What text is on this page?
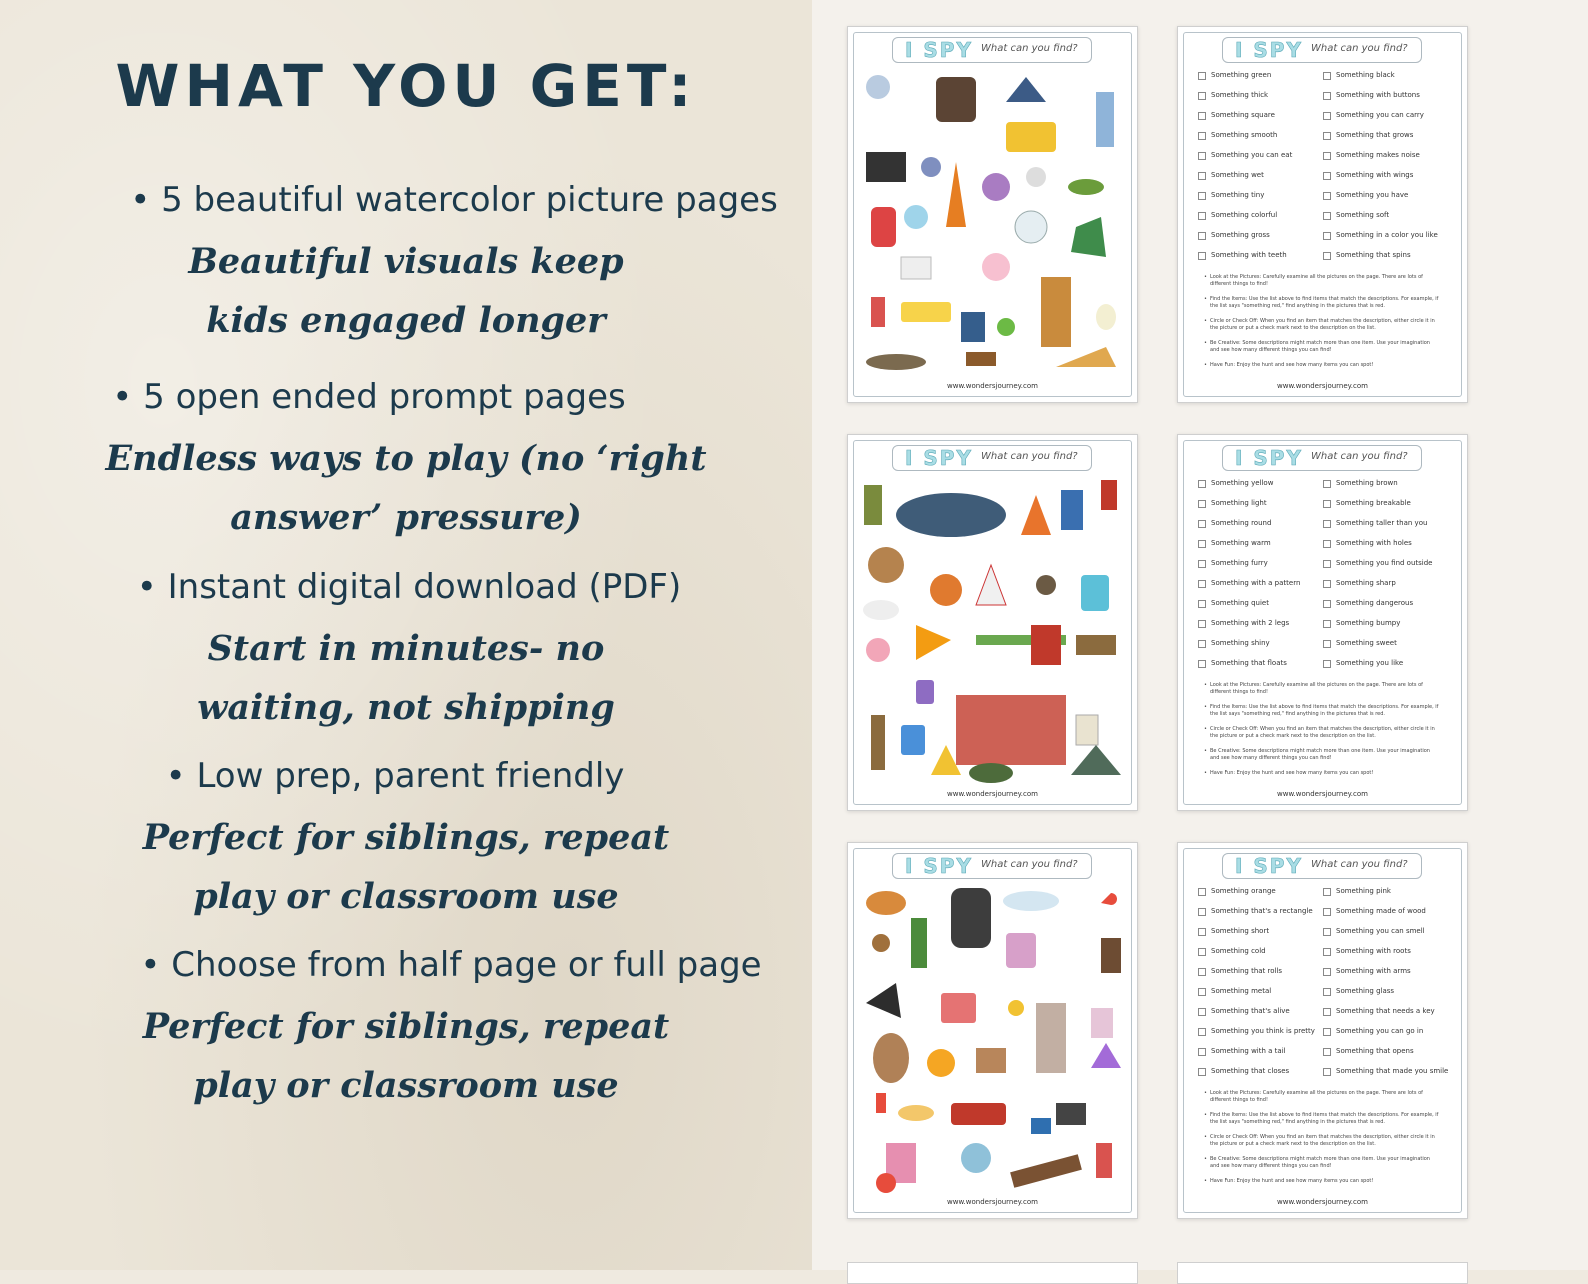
WHAT YOU GET:
• 5 beautiful watercolor picture pages
Beautiful visuals keep kids engaged longer
• 5 open ended prompt pages
Endless ways to play (no ‘right answer’ pressure)
• Instant digital download (PDF)
Start in minutes- no waiting, not shipping
• Low prep, parent friendly
Perfect for siblings, repeat play or classroom use
• Choose from half page or full page
Perfect for siblings, repeat play or classroom use
I SPY What can you find?
www.wondersjourney.com
I SPY What can you find?
Something green	Something black
Something thick	Something with buttons
Something square	Something you can carry
Something smooth	Something that grows
Something you can eat	Something makes noise
Something wet	Something with wings
Something tiny	Something you have
Something colorful	Something soft
Something gross	Something in a color you like
Something with teeth	Something that spins

• Look at the Pictures: Carefully examine all the pictures on the page. There are lots of different things to find!

• Find the Items: Use the list above to find items that match the descriptions. For example, if the list says "something red," find anything in the pictures that is red.

• Circle or Check Off: When you find an item that matches the description, either circle it in the picture or put a check mark next to the description on the list.

• Be Creative: Some descriptions might match more than one item. Use your imagination and see how many different things you can find!

• Have Fun: Enjoy the hunt and see how many items you can spot!

www.wondersjourney.com
I SPY What can you find?
www.wondersjourney.com
I SPY What can you find?
Something yellow	Something brown
Something light	Something breakable
Something round	Something taller than you
Something warm	Something with holes
Something furry	Something you find outside
Something with a pattern	Something sharp
Something quiet	Something dangerous
Something with 2 legs	Something bumpy
Something shiny	Something sweet
Something that floats	Something you like

• Look at the Pictures: Carefully examine all the pictures on the page. There are lots of different things to find!

• Find the Items: Use the list above to find items that match the descriptions. For example, if the list says "something red," find anything in the pictures that is red.

• Circle or Check Off: When you find an item that matches the description, either circle it in the picture or put a check mark next to the description on the list.

• Be Creative: Some descriptions might match more than one item. Use your imagination and see how many different things you can find!

• Have Fun: Enjoy the hunt and see how many items you can spot!

www.wondersjourney.com
I SPY What can you find?
www.wondersjourney.com
I SPY What can you find?
Something orange	Something pink
Something that's a rectangle	Something made of wood
Something short	Something you can smell
Something cold	Something with roots
Something that rolls	Something with arms
Something metal	Something glass
Something that's alive	Something that needs a key
Something you think is pretty	Something you can go in
Something with a tail	Something that opens
Something that closes	Something that made you smile

• Look at the Pictures: Carefully examine all the pictures on the page. There are lots of different things to find!

• Find the Items: Use the list above to find items that match the descriptions. For example, if the list says "something red," find anything in the pictures that is red.

• Circle or Check Off: When you find an item that matches the description, either circle it in the picture or put a check mark next to the description on the list.

• Be Creative: Some descriptions might match more than one item. Use your imagination and see how many different things you can find!

• Have Fun: Enjoy the hunt and see how many items you can spot!

www.wondersjourney.com
